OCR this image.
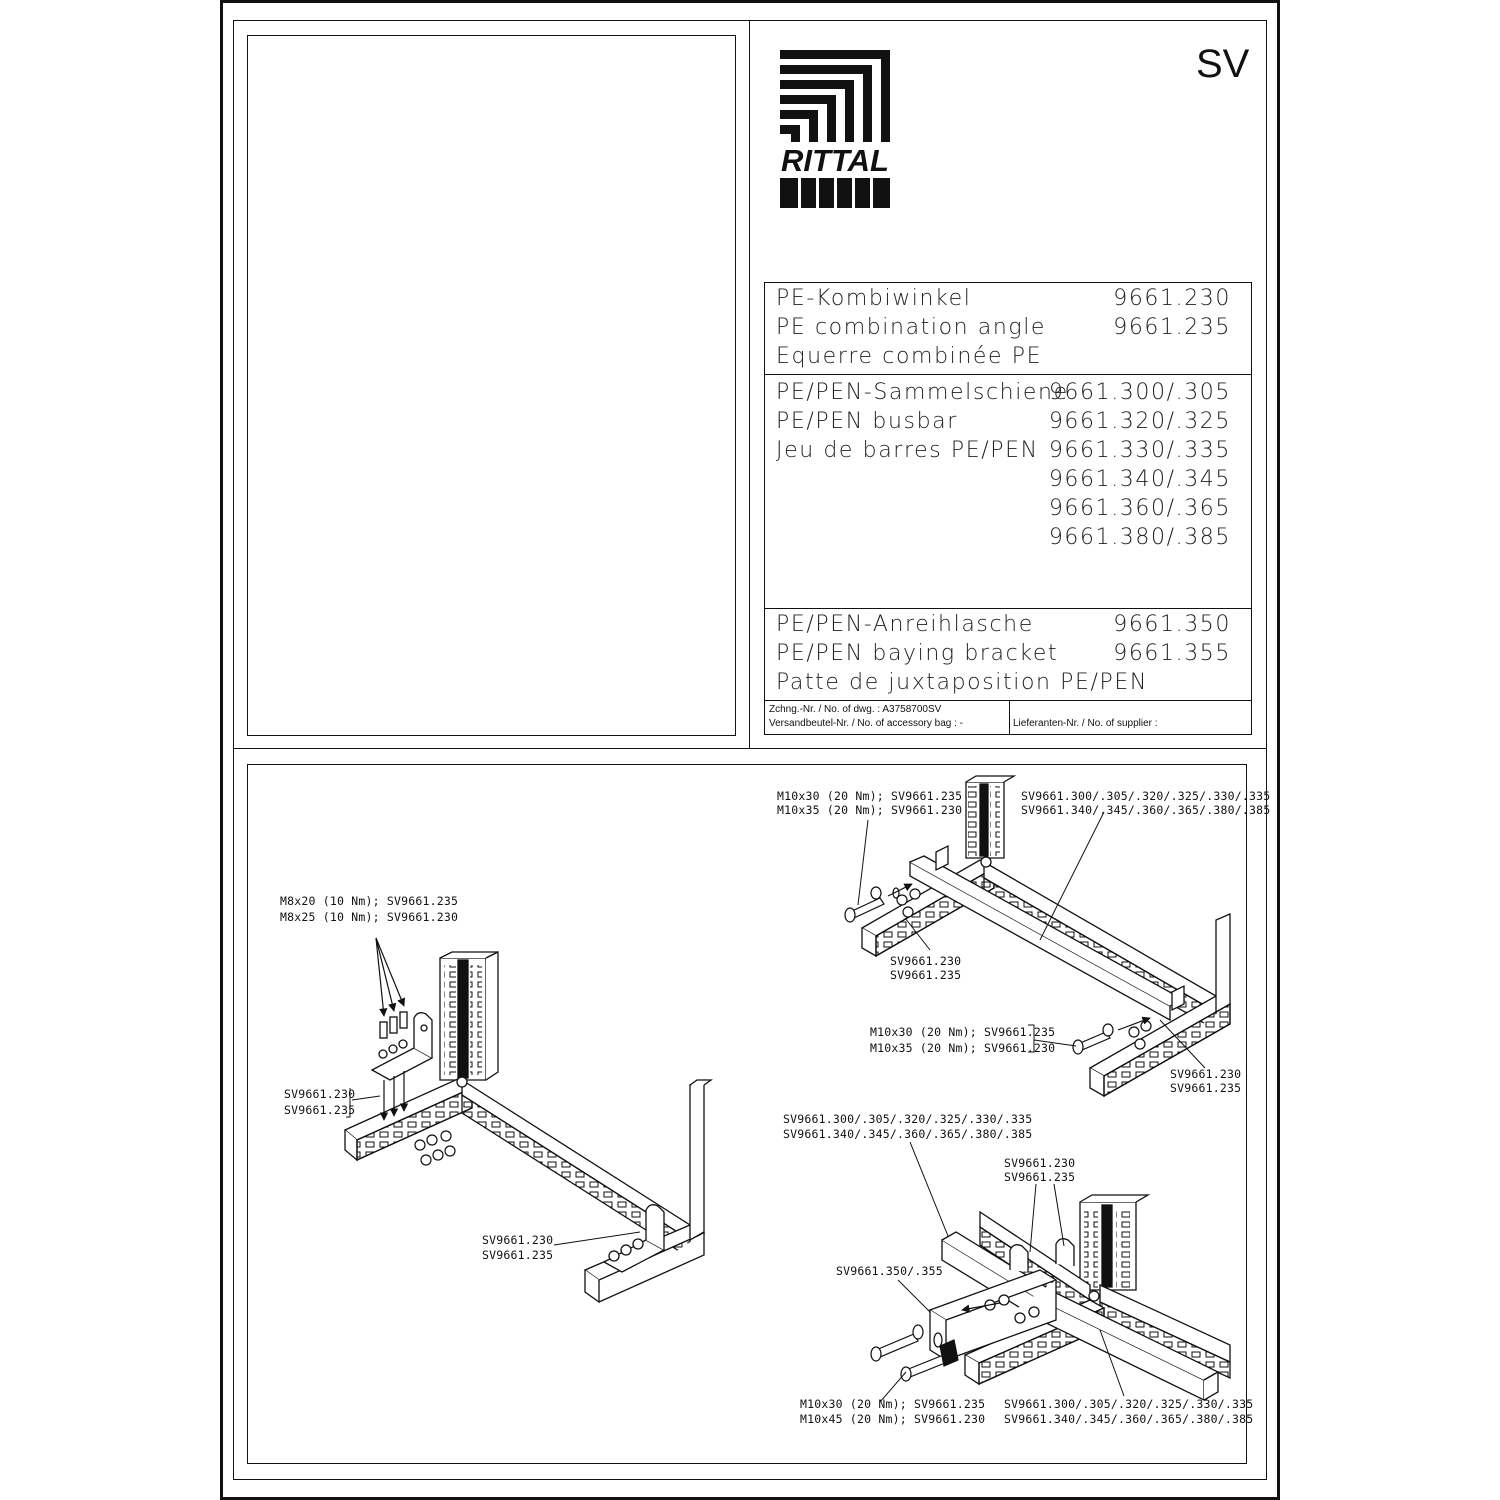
RITTAL
SV
PE-Kombiwinkel
PE combination angle
Equerre combinée PE
9661.230
9661.235
PE/PEN-Sammelschiene
PE/PEN busbar
Jeu de barres PE/PEN
9661.300/.305
9661.320/.325
9661.330/.335
9661.340/.345
9661.360/.365
9661.380/.385
PE/PEN-Anreihlasche
PE/PEN baying bracket
Patte de juxtaposition PE/PEN
9661.350
9661.355
Zchng.-Nr. / No. of dwg. : A3758700SV
Versandbeutel-Nr. / No. of accessory bag : -	Lieferanten-Nr. / No. of supplier :
M8x20 (10 Nm); SV9661.235
M8x25 (10 Nm); SV9661.230
SV9661.230
SV9661.235
SV9661.230
SV9661.235
M10x30 (20 Nm); SV9661.235
M10x35 (20 Nm); SV9661.230
SV9661.300/.305/.320/.325/.330/.335
SV9661.340/.345/.360/.365/.380/.385
SV9661.230
SV9661.235
M10x30 (20 Nm); SV9661.235
M10x35 (20 Nm); SV9661.230
SV9661.230
SV9661.235
SV9661.300/.305/.320/.325/.330/.335
SV9661.340/.345/.360/.365/.380/.385
SV9661.230
SV9661.235
SV9661.350/.355
M10x30 (20 Nm); SV9661.235
M10x45 (20 Nm); SV9661.230
SV9661.300/.305/.320/.325/.330/.335
SV9661.340/.345/.360/.365/.380/.385
